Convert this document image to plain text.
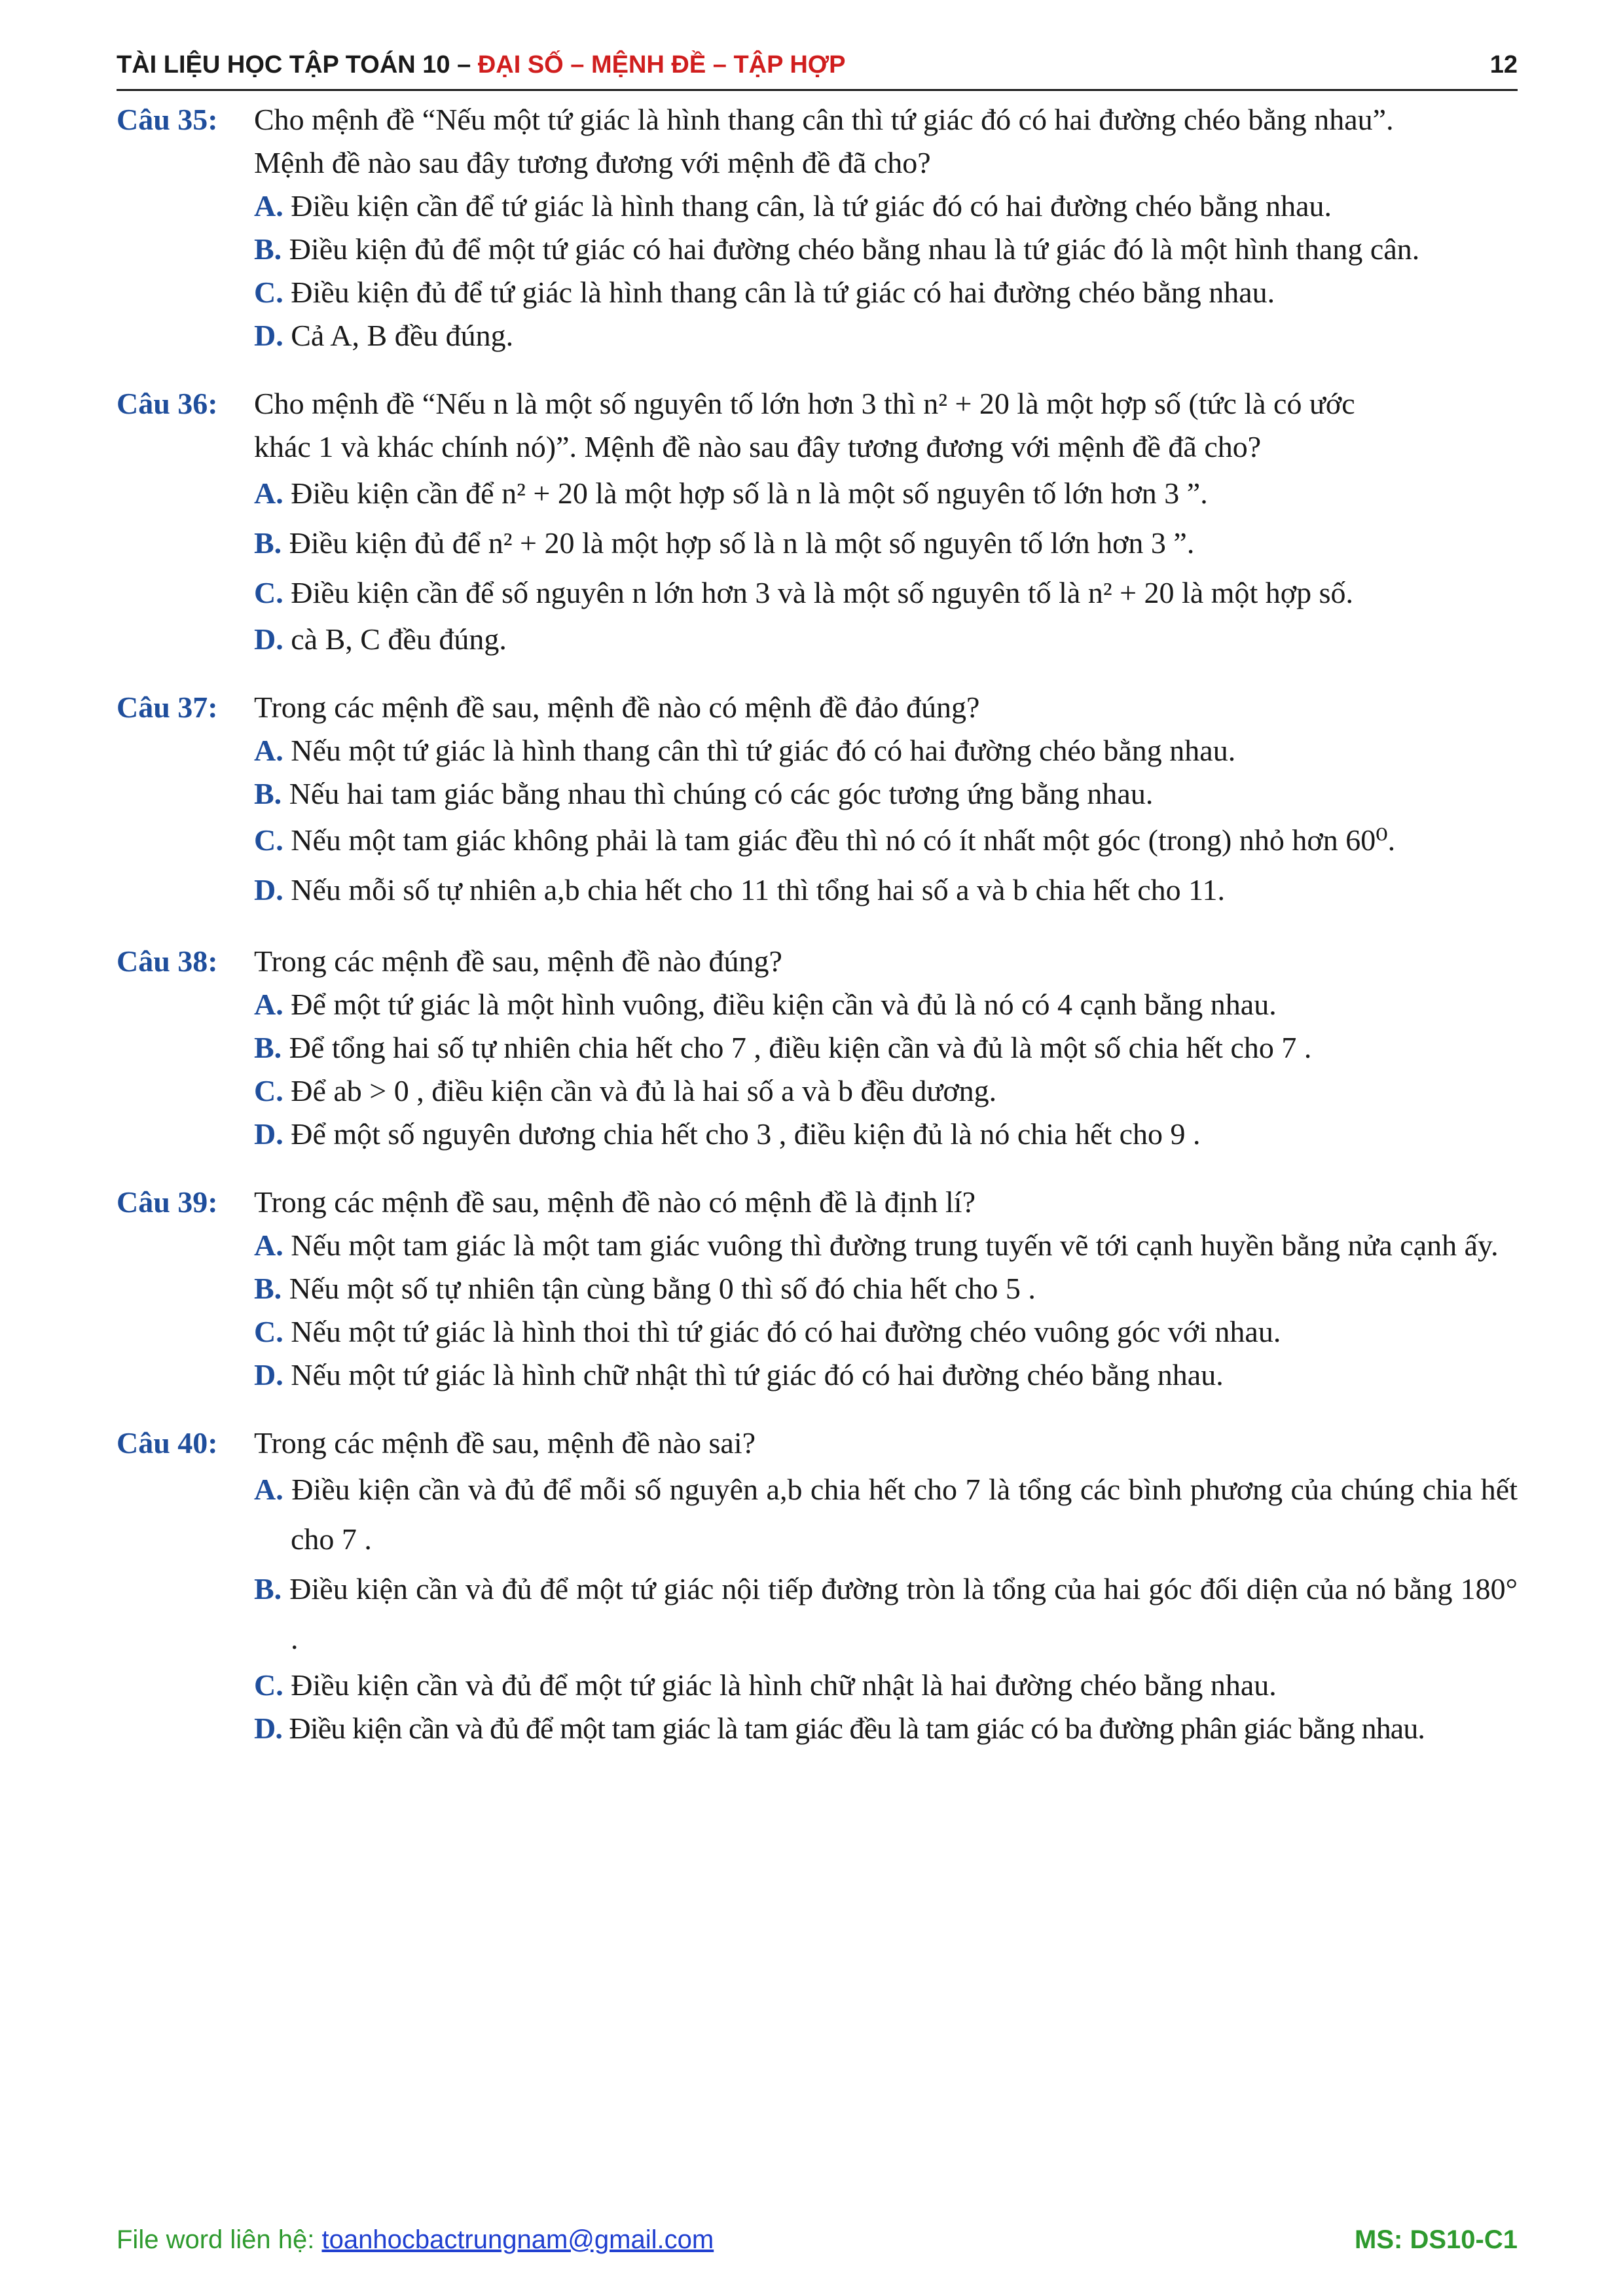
TÀI LIỆU HỌC TẬP TOÁN 10 – ĐẠI SỐ – MỆNH ĐỀ – TẬP HỢP	12
Câu 35:	Cho mệnh đề “Nếu một tứ giác là hình thang cân thì tứ giác đó có hai đường chéo bằng nhau”.
Mệnh đề nào sau đây tương đương với mệnh đề đã cho?
A. Điều kiện cần để tứ giác là hình thang cân, là tứ giác đó có hai đường chéo bằng nhau.
B. Điều kiện đủ để một tứ giác có hai đường chéo bằng nhau là tứ giác đó là một hình thang cân.
C. Điều kiện đủ để tứ giác là hình thang cân là tứ giác có hai đường chéo bằng nhau.
D. Cả A, B đều đúng.
Câu 36:	Cho mệnh đề “Nếu n là một số nguyên tố lớn hơn 3 thì n² + 20 là một hợp số (tức là có ước
khác 1 và khác chính nó)”. Mệnh đề nào sau đây tương đương với mệnh đề đã cho?
A. Điều kiện cần để n² + 20 là một hợp số là n là một số nguyên tố lớn hơn 3 ”.
B. Điều kiện đủ để n² + 20 là một hợp số là n là một số nguyên tố lớn hơn 3 ”.
C. Điều kiện cần để số nguyên n lớn hơn 3 và là một số nguyên tố là n² + 20 là một hợp số.
D. cà B, C đều đúng.
Câu 37:	Trong các mệnh đề sau, mệnh đề nào có mệnh đề đảo đúng?
A. Nếu một tứ giác là hình thang cân thì tứ giác đó có hai đường chéo bằng nhau.
B. Nếu hai tam giác bằng nhau thì chúng có các góc tương ứng bằng nhau.
C. Nếu một tam giác không phải là tam giác đều thì nó có ít nhất một góc (trong) nhỏ hơn 60⁰.
D. Nếu mỗi số tự nhiên a,b chia hết cho 11 thì tổng hai số a và b chia hết cho 11.
Câu 38:	Trong các mệnh đề sau, mệnh đề nào đúng?
A. Để một tứ giác là một hình vuông, điều kiện cần và đủ là nó có 4 cạnh bằng nhau.
B. Để tổng hai số tự nhiên chia hết cho 7 , điều kiện cần và đủ là một số chia hết cho 7 .
C. Để ab > 0 , điều kiện cần và đủ là hai số a và b đều dương.
D. Để một số nguyên dương chia hết cho 3 , điều kiện đủ là nó chia hết cho 9 .
Câu 39:	Trong các mệnh đề sau, mệnh đề nào có mệnh đề là định lí?
A. Nếu một tam giác là một tam giác vuông thì đường trung tuyến vẽ tới cạnh huyền bằng nửa cạnh ấy.
B. Nếu một số tự nhiên tận cùng bằng 0 thì số đó chia hết cho 5 .
C. Nếu một tứ giác là hình thoi thì tứ giác đó có hai đường chéo vuông góc với nhau.
D. Nếu một tứ giác là hình chữ nhật thì tứ giác đó có hai đường chéo bằng nhau.
Câu 40:	Trong các mệnh đề sau, mệnh đề nào sai?
A. Điều kiện cần và đủ để mỗi số nguyên a,b chia hết cho 7 là tổng các bình phương của chúng chia hết cho 7 .
B. Điều kiện cần và đủ để một tứ giác nội tiếp đường tròn là tổng của hai góc đối diện của nó bằng 180° .
C. Điều kiện cần và đủ để một tứ giác là hình chữ nhật là hai đường chéo bằng nhau.
D. Điều kiện cần và đủ để một tam giác là tam giác đều là tam giác có ba đường phân giác bằng nhau.
File word liên hệ: toanhocbactrungnam@gmail.com	MS: DS10-C1
